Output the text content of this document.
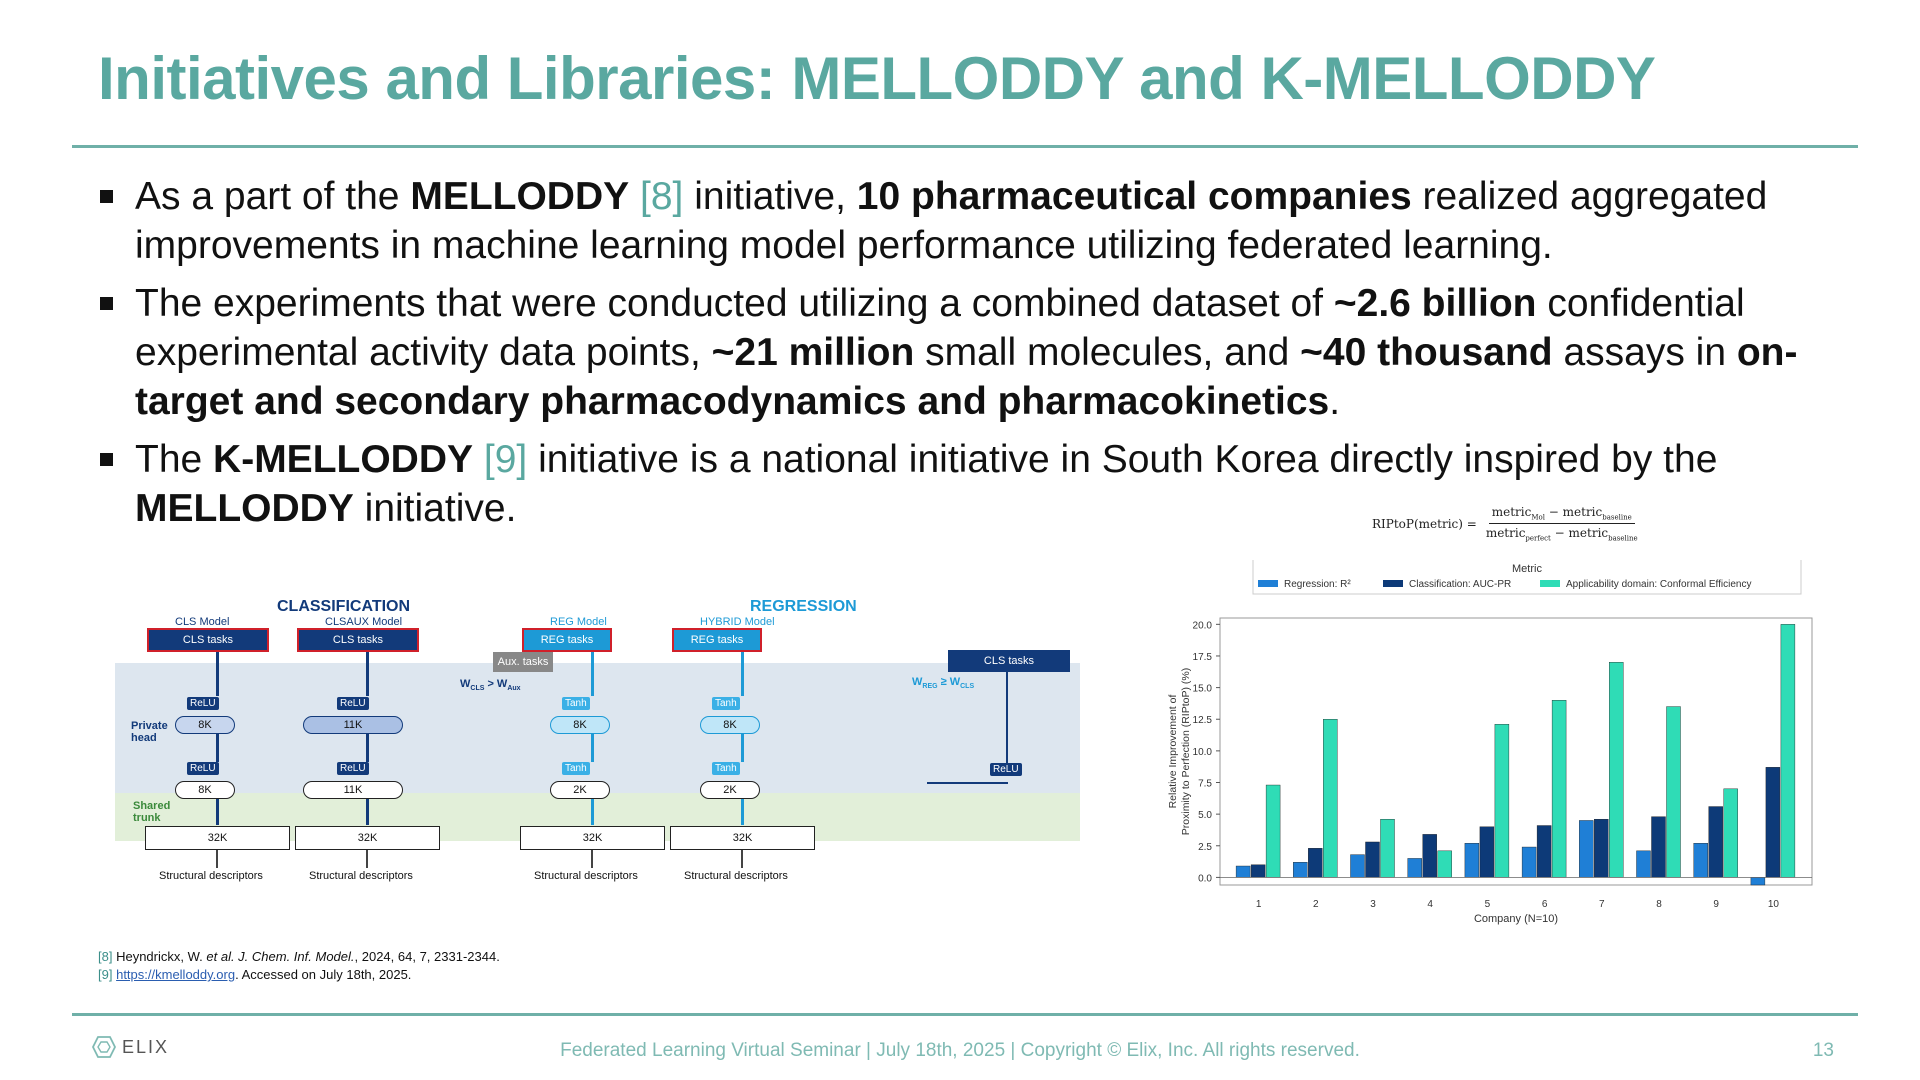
Initiatives and Libraries: MELLODDY and K-MELLODDY
As a part of the MELLODDY [8] initiative, 10 pharmaceutical companies realized aggregated improvements in machine learning model performance utilizing federated learning.
The experiments that were conducted utilizing a combined dataset of ~2.6 billion confidential experimental activity data points, ~21 million small molecules, and ~40 thousand assays in on-target and secondary pharmacodynamics and pharmacokinetics.
The K-MELLODDY [9] initiative is a national initiative in South Korea directly inspired by the MELLODDY initiative.	RIPtoP(metric) = $\frac{metric_{Mol} - metric_{baseline}}{metric_{perfect} - metric_{baseline}}$
CLASSIFICATION	REGRESSION
Private
head
Shared
trunk
CLS Model
CLS tasks
ReLU
8K
ReLU
8K
32K
Structural descriptors
CLSAUX Model
CLS tasks
ReLU
11K
ReLU
11K
32K
Structural descriptors
REG Model
REG tasks
Tanh
8K
Tanh
2K
32K
Structural descriptors
HYBRID Model
REG tasks
Tanh
8K
Tanh
2K
32K
Structural descriptors
Aux. tasks
$W_{CLS} > W_{Aux}$
CLS tasks
ReLU
$W_{REG} \ge W_{CLS}$
Metric
Regression: R²	Classification: AUC-PR	Applicability domain: Conformal Efficiency
0.0
2.5
5.0
7.5
10.0
12.5
15.0
17.5
20.0
Relative Improvement of Proximity to Perfection (RIPtoP) (%)
1	2	3	4	5	6	7	8	9	10
Company (N=10)
[8] Heyndrickx, W. et al. J. Chem. Inf. Model., 2024, 64, 7, 2331-2344.
[9] https://kmelloddy.org. Accessed on July 18th, 2025.
ELIX	Federated Learning Virtual Seminar | July 18th, 2025 | Copyright © Elix, Inc. All rights reserved.	13
